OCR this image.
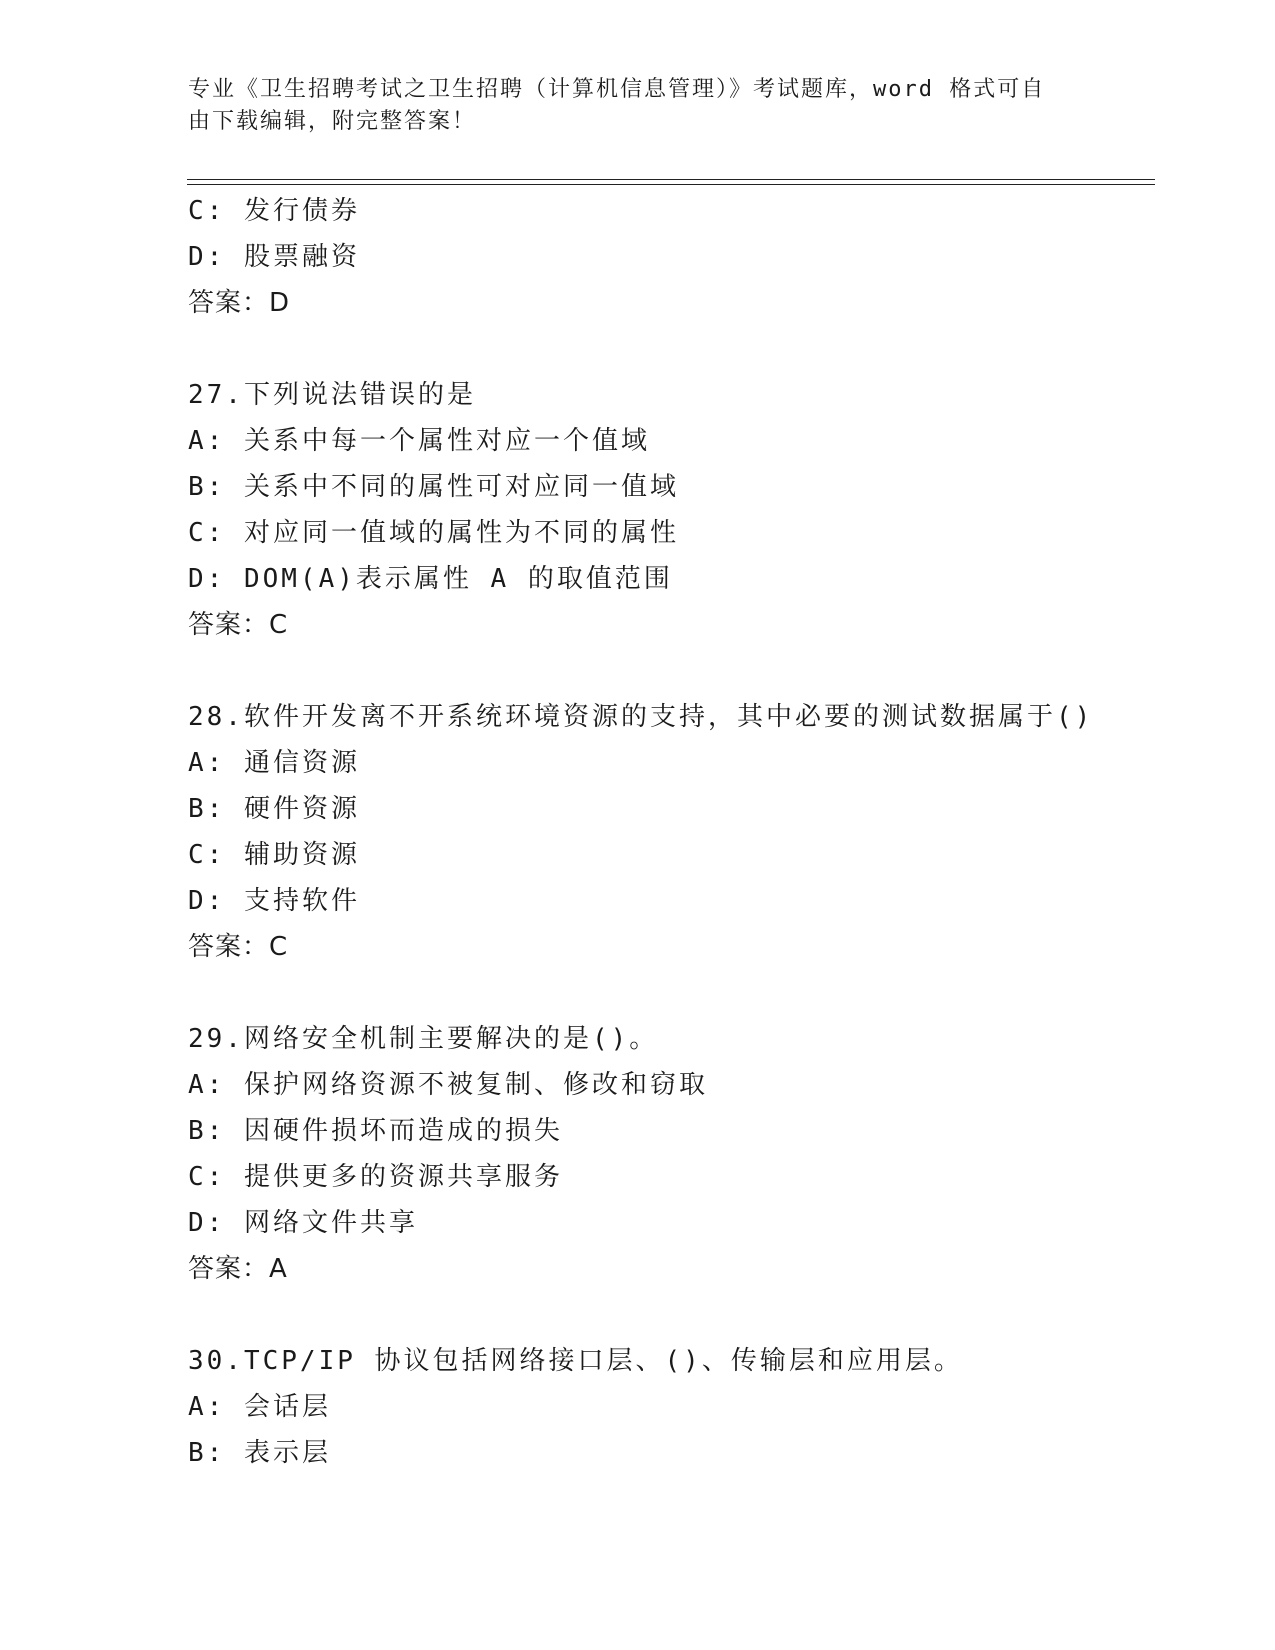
专业《卫生招聘考试之卫生招聘（计算机信息管理）》考试题库，word 格式可自
由下载编辑，附完整答案！
C: 发行债券
D: 股票融资
答案：D
27.下列说法错误的是
A: 关系中每一个属性对应一个值域
B: 关系中不同的属性可对应同一值域
C: 对应同一值域的属性为不同的属性
D: DOM(A)表示属性 A 的取值范围
答案：C
28.软件开发离不开系统环境资源的支持，其中必要的测试数据属于()
A: 通信资源
B: 硬件资源
C: 辅助资源
D: 支持软件
答案：C
29.网络安全机制主要解决的是()。
A: 保护网络资源不被复制、修改和窃取
B: 因硬件损坏而造成的损失
C: 提供更多的资源共享服务
D: 网络文件共享
答案：A
30.TCP/IP 协议包括网络接口层、()、传输层和应用层。
A: 会话层
B: 表示层
